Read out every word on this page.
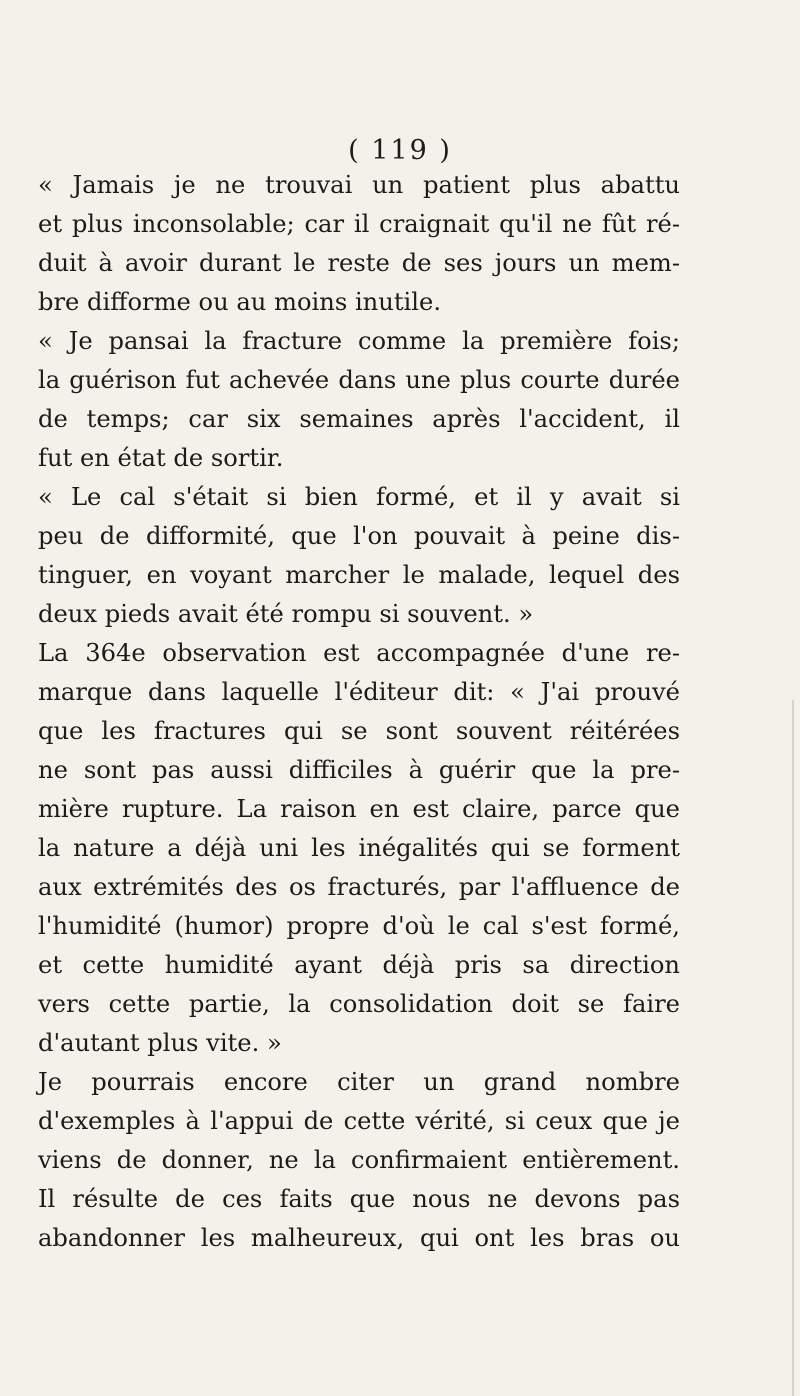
( 119 )
« Jamais je ne trouvai un patient plus abattu
et plus inconsolable; car il craignait qu'il ne fût ré-
duit à avoir durant le reste de ses jours un mem-
bre difforme ou au moins inutile.
« Je pansai la fracture comme la première fois;
la guérison fut achevée dans une plus courte durée
de temps; car six semaines après l'accident, il
fut en état de sortir.
« Le cal s'était si bien formé, et il y avait si
peu de difformité, que l'on pouvait à peine dis-
tinguer, en voyant marcher le malade, lequel des
deux pieds avait été rompu si souvent. »
La 364e observation est accompagnée d'une re-
marque dans laquelle l'éditeur dit: « J'ai prouvé
que les fractures qui se sont souvent réitérées
ne sont pas aussi difficiles à guérir que la pre-
mière rupture. La raison en est claire, parce que
la nature a déjà uni les inégalités qui se forment
aux extrémités des os fracturés, par l'affluence de
l'humidité (humor) propre d'où le cal s'est formé,
et cette humidité ayant déjà pris sa direction
vers cette partie, la consolidation doit se faire
d'autant plus vite. »
Je pourrais encore citer un grand nombre
d'exemples à l'appui de cette vérité, si ceux que je
viens de donner, ne la confirmaient entièrement.
Il résulte de ces faits que nous ne devons pas
abandonner les malheureux, qui ont les bras ou
